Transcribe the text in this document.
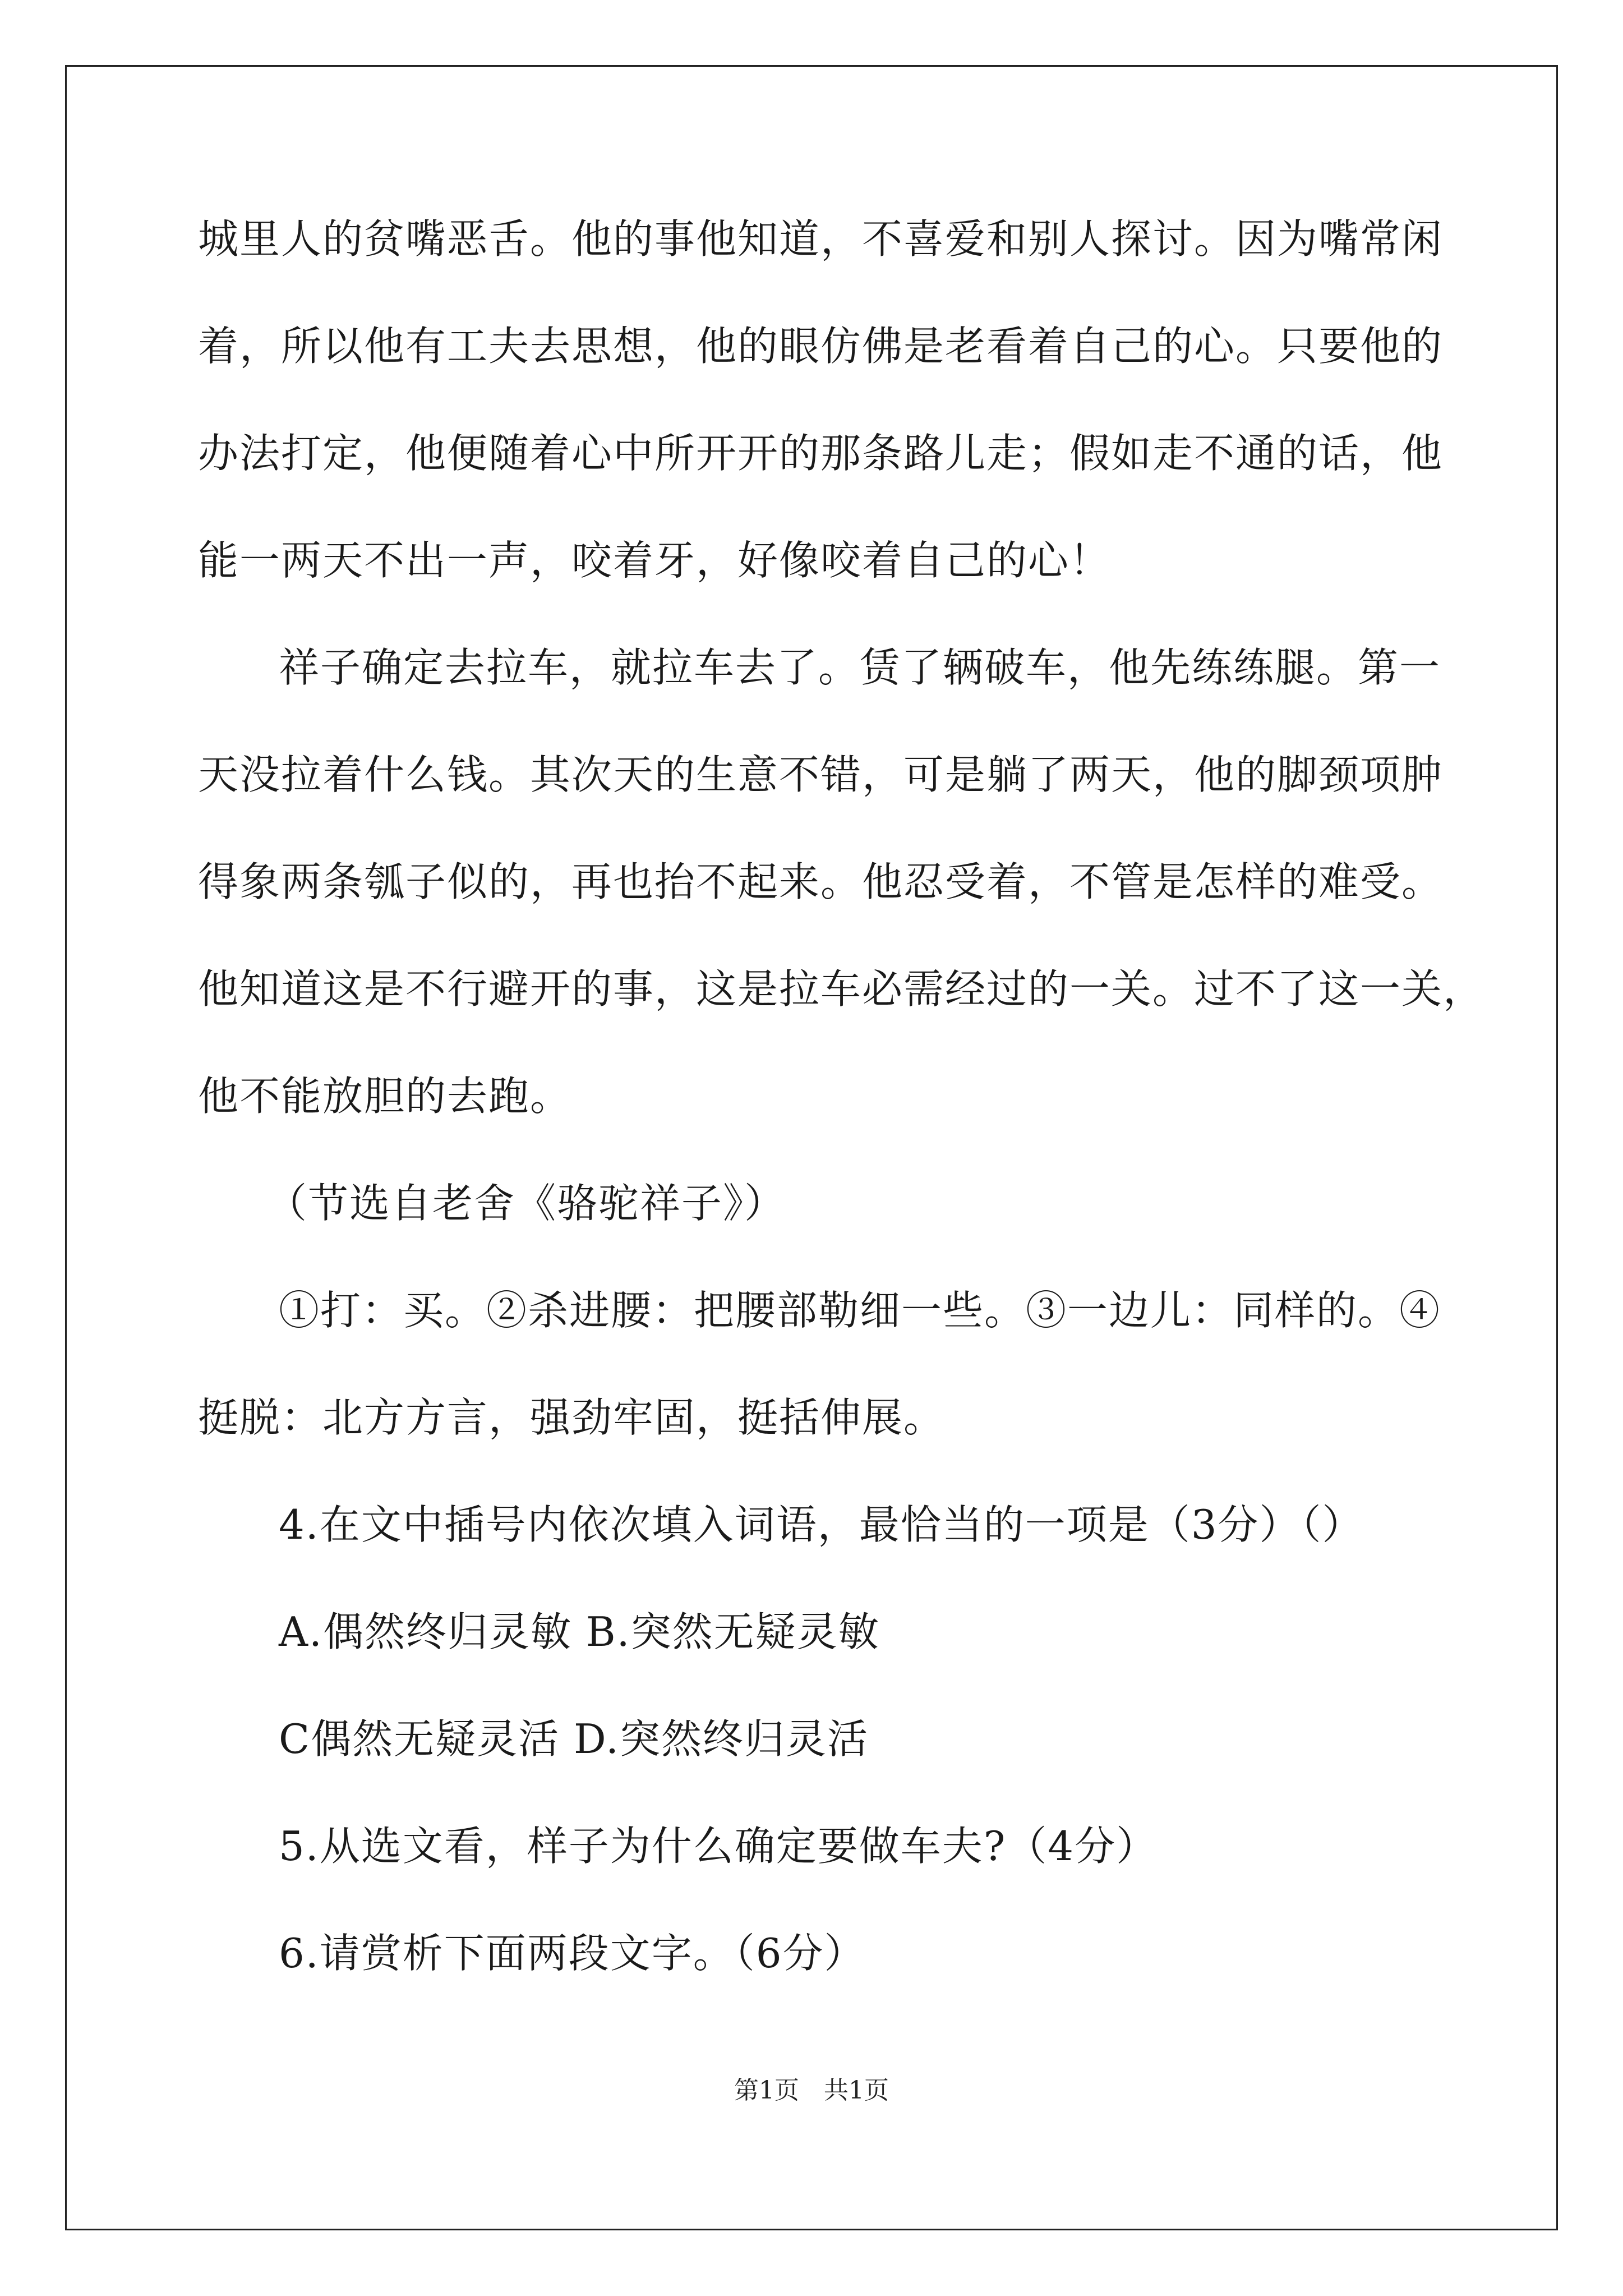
城里人的贫嘴恶舌。他的事他知道，不喜爱和别人探讨。因为嘴常闲
着，所以他有工夫去思想，他的眼仿佛是老看着自己的心。只要他的
办法打定，他便随着心中所开开的那条路儿走；假如走不通的话，他
能一两天不出一声，咬着牙，好像咬着自己的心！
祥子确定去拉车，就拉车去了。赁了辆破车，他先练练腿。第一
天没拉着什么钱。其次天的生意不错，可是躺了两天，他的脚颈项肿
得象两条瓠子似的，再也抬不起来。他忍受着，不管是怎样的难受。
他知道这是不行避开的事，这是拉车必需经过的一关。过不了这一关，
他不能放胆的去跑。
（节选自老舍《骆驼祥子》）
①打：买。②杀进腰：把腰部勒细一些。③一边儿：同样的。④
挺脱：北方方言，强劲牢固，挺括伸展。
4.在文中插号内依次填入词语，最恰当的一项是（3分）（）
A.偶然终归灵敏 B.突然无疑灵敏
C偶然无疑灵活 D.突然终归灵活
5.从选文看，样子为什么确定要做车夫?（4分）
6.请赏析下面两段文字。（6分）
第1页　共1页
